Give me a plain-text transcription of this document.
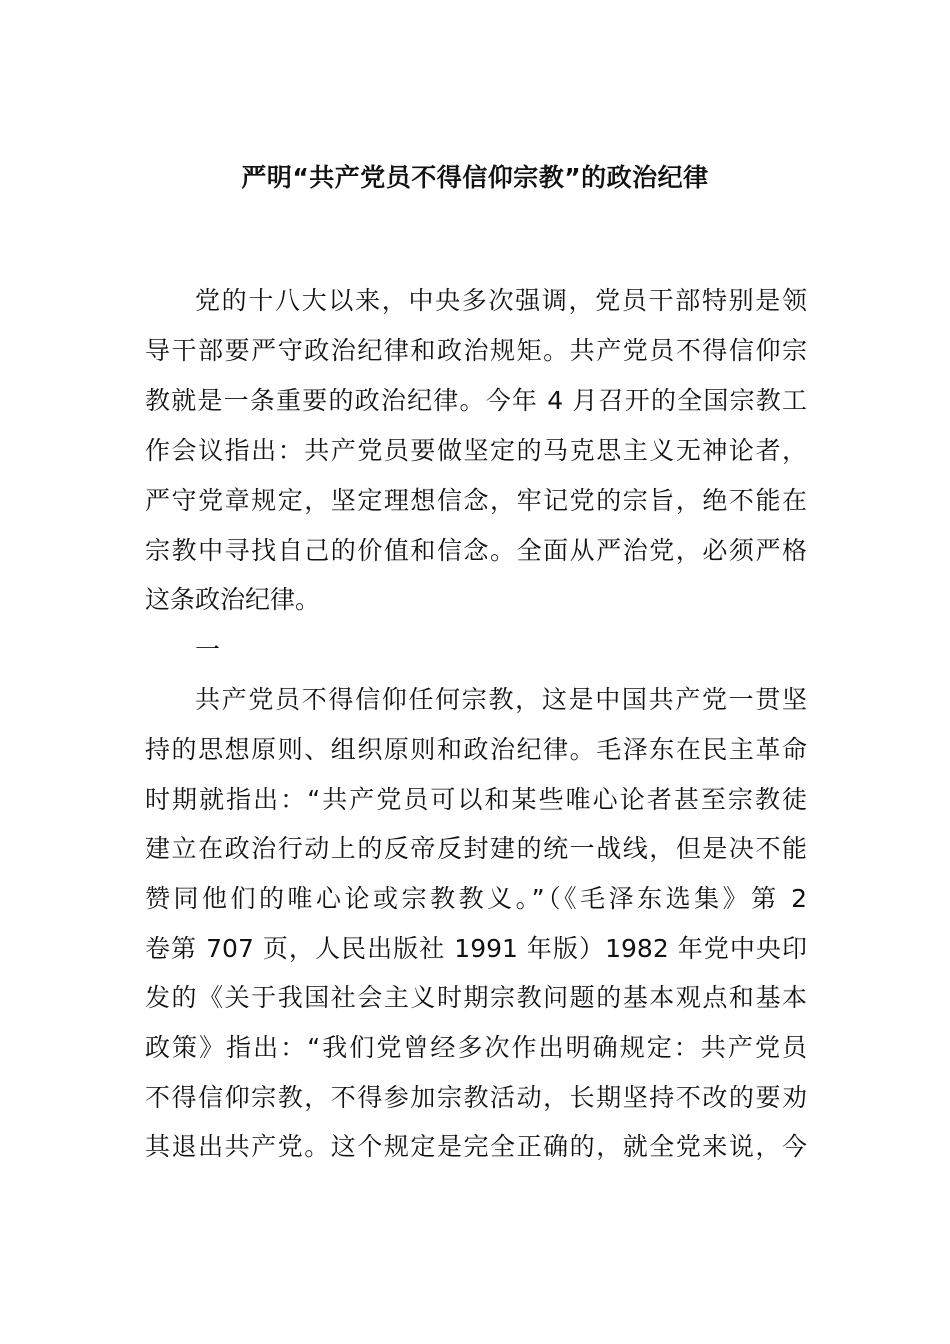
严明“共产党员不得信仰宗教”的政治纪律
党的十八大以来，中央多次强调，党员干部特别是领
导干部要严守政治纪律和政治规矩。共产党员不得信仰宗
教就是一条重要的政治纪律。今年 4 月召开的全国宗教工
作会议指出：共产党员要做坚定的马克思主义无神论者，
严守党章规定，坚定理想信念，牢记党的宗旨，绝不能在
宗教中寻找自己的价值和信念。全面从严治党，必须严格
这条政治纪律。
一
共产党员不得信仰任何宗教，这是中国共产党一贯坚
持的思想原则、组织原则和政治纪律。毛泽东在民主革命
时期就指出：“共产党员可以和某些唯心论者甚至宗教徒
建立在政治行动上的反帝反封建的统一战线，但是决不能
赞同他们的唯心论或宗教教义。”（《毛泽东选集》第 2
卷第 707 页，人民出版社 1991 年版）1982 年党中央印
发的《关于我国社会主义时期宗教问题的基本观点和基本
政策》指出：“我们党曾经多次作出明确规定：共产党员
不得信仰宗教，不得参加宗教活动，长期坚持不改的要劝
其退出共产党。这个规定是完全正确的，就全党来说，今
